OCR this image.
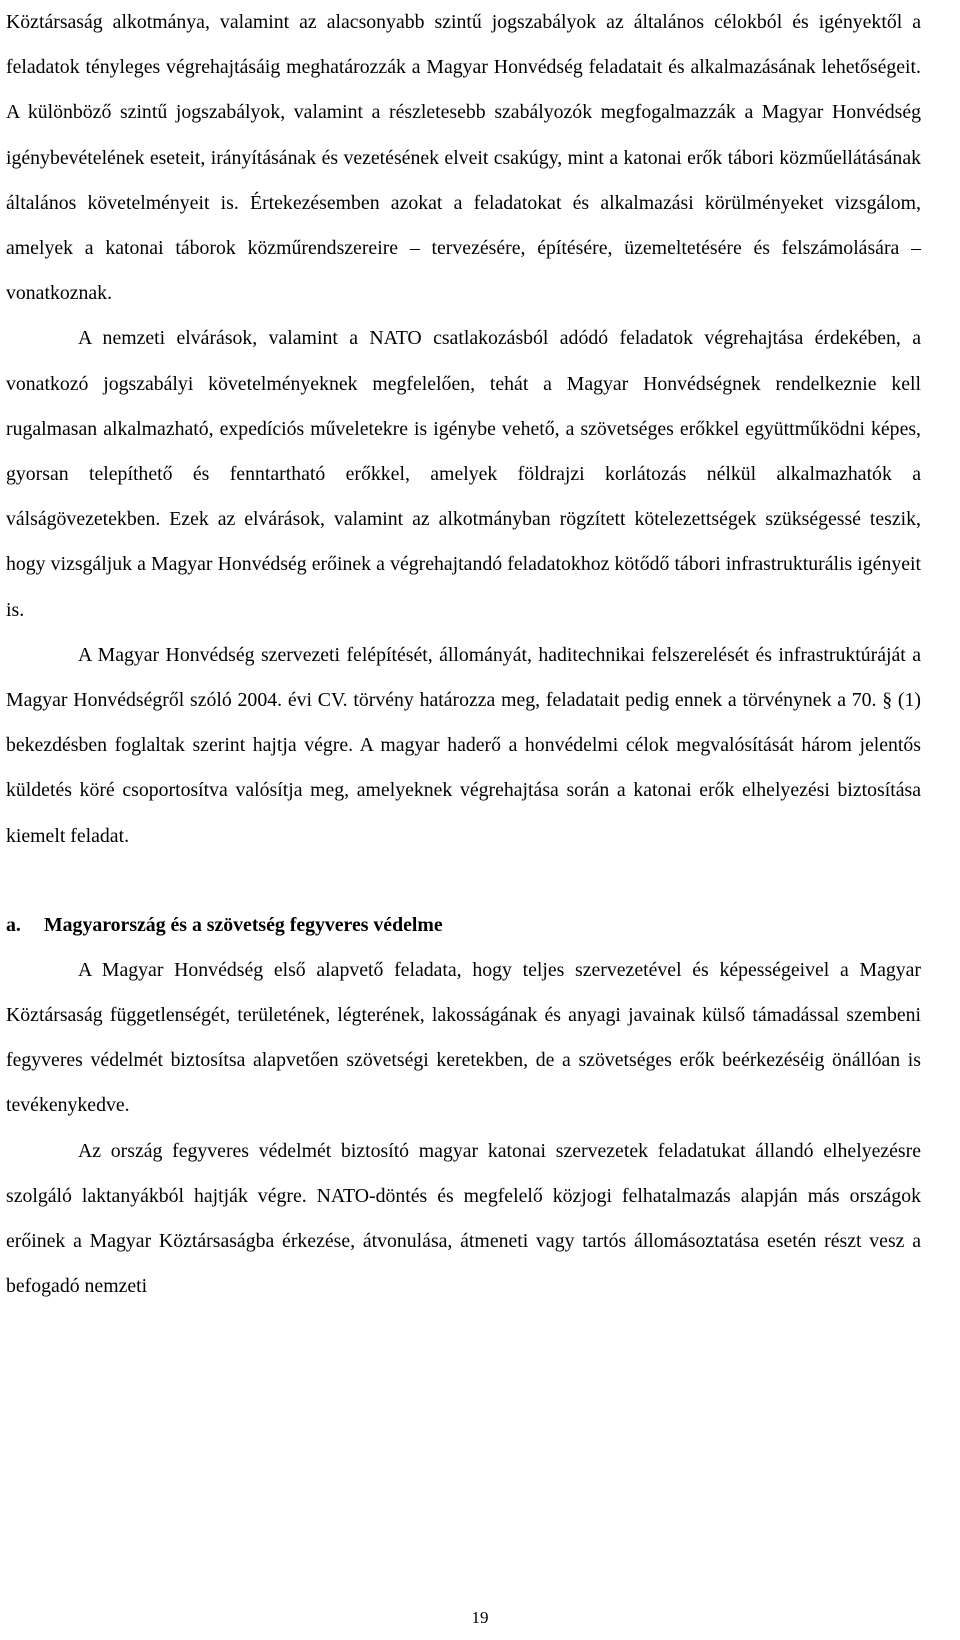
Köztársaság alkotmánya, valamint az alacsonyabb szintű jogszabályok az általános célokból és igényektől a feladatok tényleges végrehajtásáig meghatározzák a Magyar Honvédség feladatait és alkalmazásának lehetőségeit. A különböző szintű jogszabályok, valamint a részletesebb szabályozók megfogalmazzák a Magyar Honvédség igénybevételének eseteit, irányításának és vezetésének elveit csakúgy, mint a katonai erők tábori közműellátásának általános követelményeit is. Értekezésemben azokat a feladatokat és alkalmazási körülményeket vizsgálom, amelyek a katonai táborok közműrendszereire – tervezésére, építésére, üzemeltetésére és felszámolására – vonatkoznak.

A nemzeti elvárások, valamint a NATO csatlakozásból adódó feladatok végrehajtása érdekében, a vonatkozó jogszabályi követelményeknek megfelelően, tehát a Magyar Honvédségnek rendelkeznie kell rugalmasan alkalmazható, expedíciós műveletekre is igénybe vehető, a szövetséges erőkkel együttműködni képes, gyorsan telepíthető és fenntartható erőkkel, amelyek földrajzi korlátozás nélkül alkalmazhatók a válságövezetekben. Ezek az elvárások, valamint az alkotmányban rögzített kötelezettségek szükségessé teszik, hogy vizsgáljuk a Magyar Honvédség erőinek a végrehajtandó feladatokhoz kötődő tábori infrastrukturális igényeit is.

A Magyar Honvédség szervezeti felépítését, állományát, haditechnikai felszerelését és infrastruktúráját a Magyar Honvédségről szóló 2004. évi CV. törvény határozza meg, feladatait pedig ennek a törvénynek a 70. § (1) bekezdésben foglaltak szerint hajtja végre. A magyar haderő a honvédelmi célok megvalósítását három jelentős küldetés köré csoportosítva valósítja meg, amelyeknek végrehajtása során a katonai erők elhelyezési biztosítása kiemelt feladat.

a.	Magyarország és a szövetség fegyveres védelme

A Magyar Honvédség első alapvető feladata, hogy teljes szervezetével és képességeivel a Magyar Köztársaság függetlenségét, területének, légterének, lakosságának és anyagi javainak külső támadással szembeni fegyveres védelmét biztosítsa alapvetően szövetségi keretekben, de a szövetséges erők beérkezéséig önállóan is tevékenykedve.

Az ország fegyveres védelmét biztosító magyar katonai szervezetek feladatukat állandó elhelyezésre szolgáló laktanyákból hajtják végre. NATO-döntés és megfelelő közjogi felhatalmazás alapján más országok erőinek a Magyar Köztársaságba érkezése, átvonulása, átmeneti vagy tartós állomásoztatása esetén részt vesz a befogadó nemzeti

19
